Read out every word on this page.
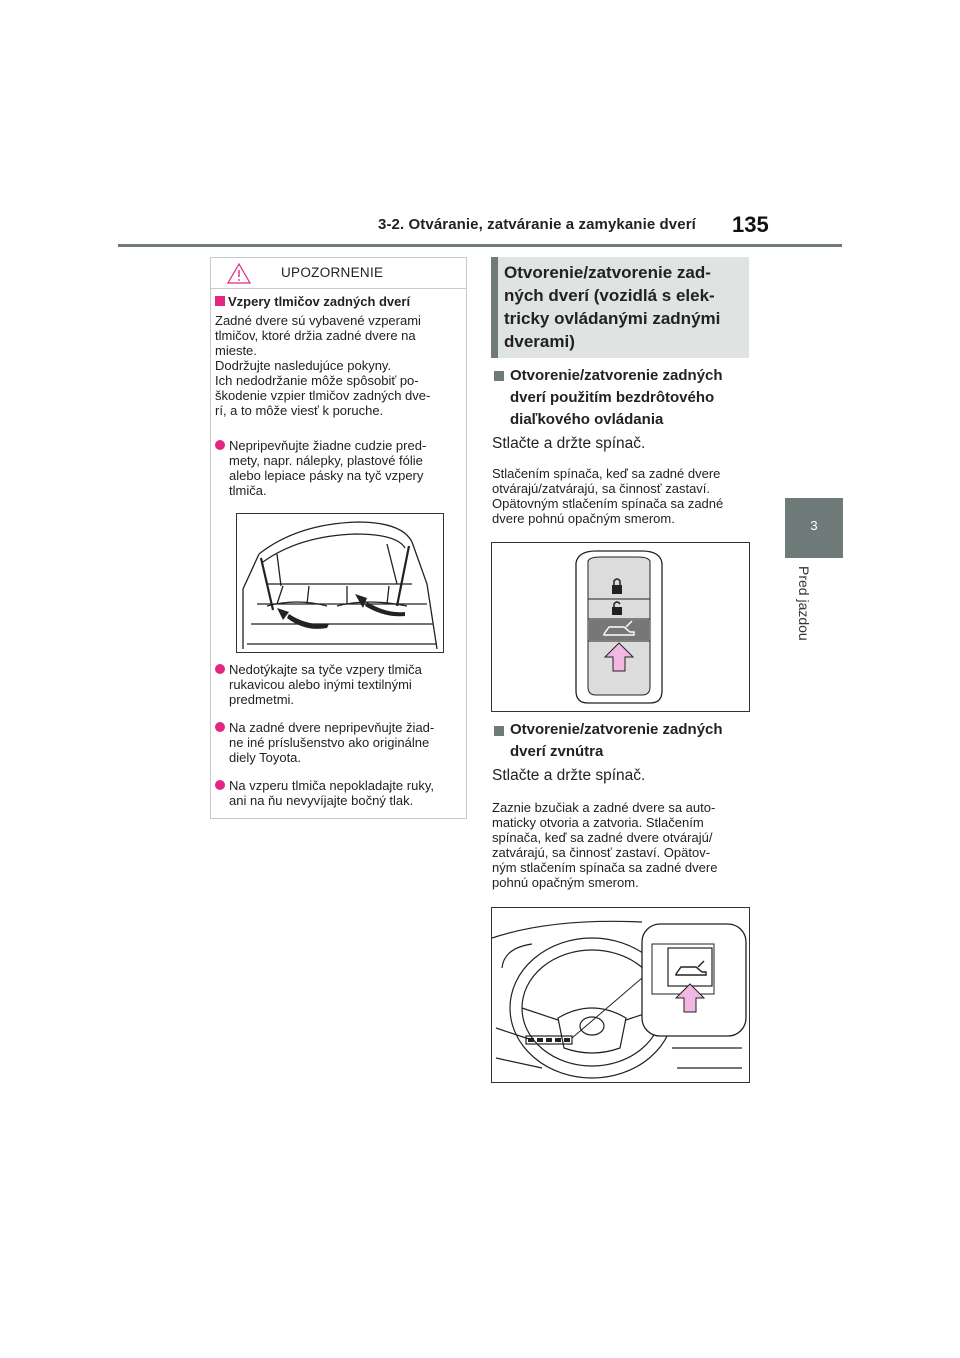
3-2. Otváranie, zatváranie a zamykanie dverí 135
3
Pred jazdou
UPOZORNENIE
Vzpery tlmičov zadných dverí
Zadné dvere sú vybavené vzperami
tlmičov, ktoré držia zadné dvere na
mieste.
Dodržujte nasledujúce pokyny.
Ich nedodržanie môže spôsobiť po-
škodenie vzpier tlmičov zadných dve-
rí, a to môže viesť k poruche.
Nepripevňujte žiadne cudzie pred-
mety, napr. nálepky, plastové fólie
alebo lepiace pásky na tyč vzpery
tlmiča.
Nedotýkajte sa tyče vzpery tlmiča
rukavicou alebo inými textilnými
predmetmi.
Na zadné dvere nepripevňujte žiad-
ne iné príslušenstvo ako originálne
diely Toyota.
Na vzperu tlmiča nepokladajte ruky,
ani na ňu nevyvíjajte bočný tlak.
Otvorenie/zatvorenie zad-
ných dverí (vozidlá s elek-
tricky ovládanými zadnými
dverami)
Otvorenie/zatvorenie zadných
dverí použitím bezdrôtového
diaľkového ovládania
Stlačte a držte spínač.
Stlačením spínača, keď sa zadné dvere
otvárajú/zatvárajú, sa činnosť zastaví.
Opätovným stlačením spínača sa zadné
dvere pohnú opačným smerom.
Otvorenie/zatvorenie zadných
dverí zvnútra
Stlačte a držte spínač.
Zaznie bzučiak a zadné dvere sa auto-
maticky otvoria a zatvoria. Stlačením
spínača, keď sa zadné dvere otvárajú/
zatvárajú, sa činnosť zastaví. Opätov-
ným stlačením spínača sa zadné dvere
pohnú opačným smerom.
